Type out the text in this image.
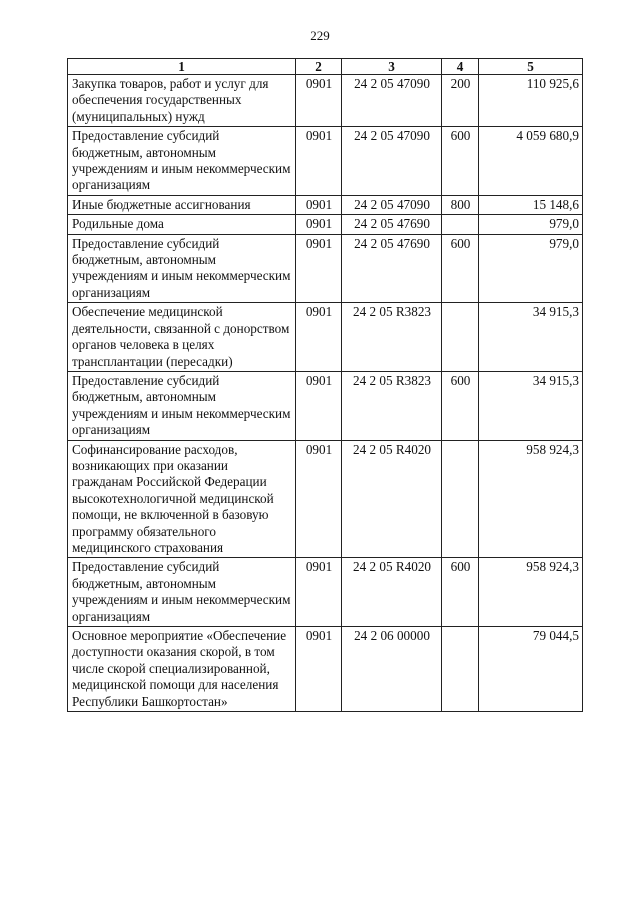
229
1	2	3	4	5
Закупка товаров, работ и услуг для обеспечения государственных (муниципальных) нужд	0901	24 2 05 47090	200	110 925,6
Предоставление субсидий бюджетным, автономным учреждениям и иным некоммерческим организациям	0901	24 2 05 47090	600	4 059 680,9
Иные бюджетные ассигнования	0901	24 2 05 47090	800	15 148,6
Родильные дома	0901	24 2 05 47690		979,0
Предоставление субсидий бюджетным, автономным учреждениям и иным некоммерческим организациям	0901	24 2 05 47690	600	979,0
Обеспечение медицинской деятельности, связанной с донорством органов человека в целях трансплантации (пересадки)	0901	24 2 05 R3823		34 915,3
Предоставление субсидий бюджетным, автономным учреждениям и иным некоммерческим организациям	0901	24 2 05 R3823	600	34 915,3
Софинансирование расходов, возникающих при оказании гражданам Российской Федерации высокотехнологичной медицинской помощи, не включенной в базовую программу обязательного медицинского страхования	0901	24 2 05 R4020		958 924,3
Предоставление субсидий бюджетным, автономным учреждениям и иным некоммерческим организациям	0901	24 2 05 R4020	600	958 924,3
Основное мероприятие «Обеспечение доступности оказания скорой, в том числе скорой специализированной, медицинской помощи для населения Республики Башкортостан»	0901	24 2 06 00000		79 044,5
